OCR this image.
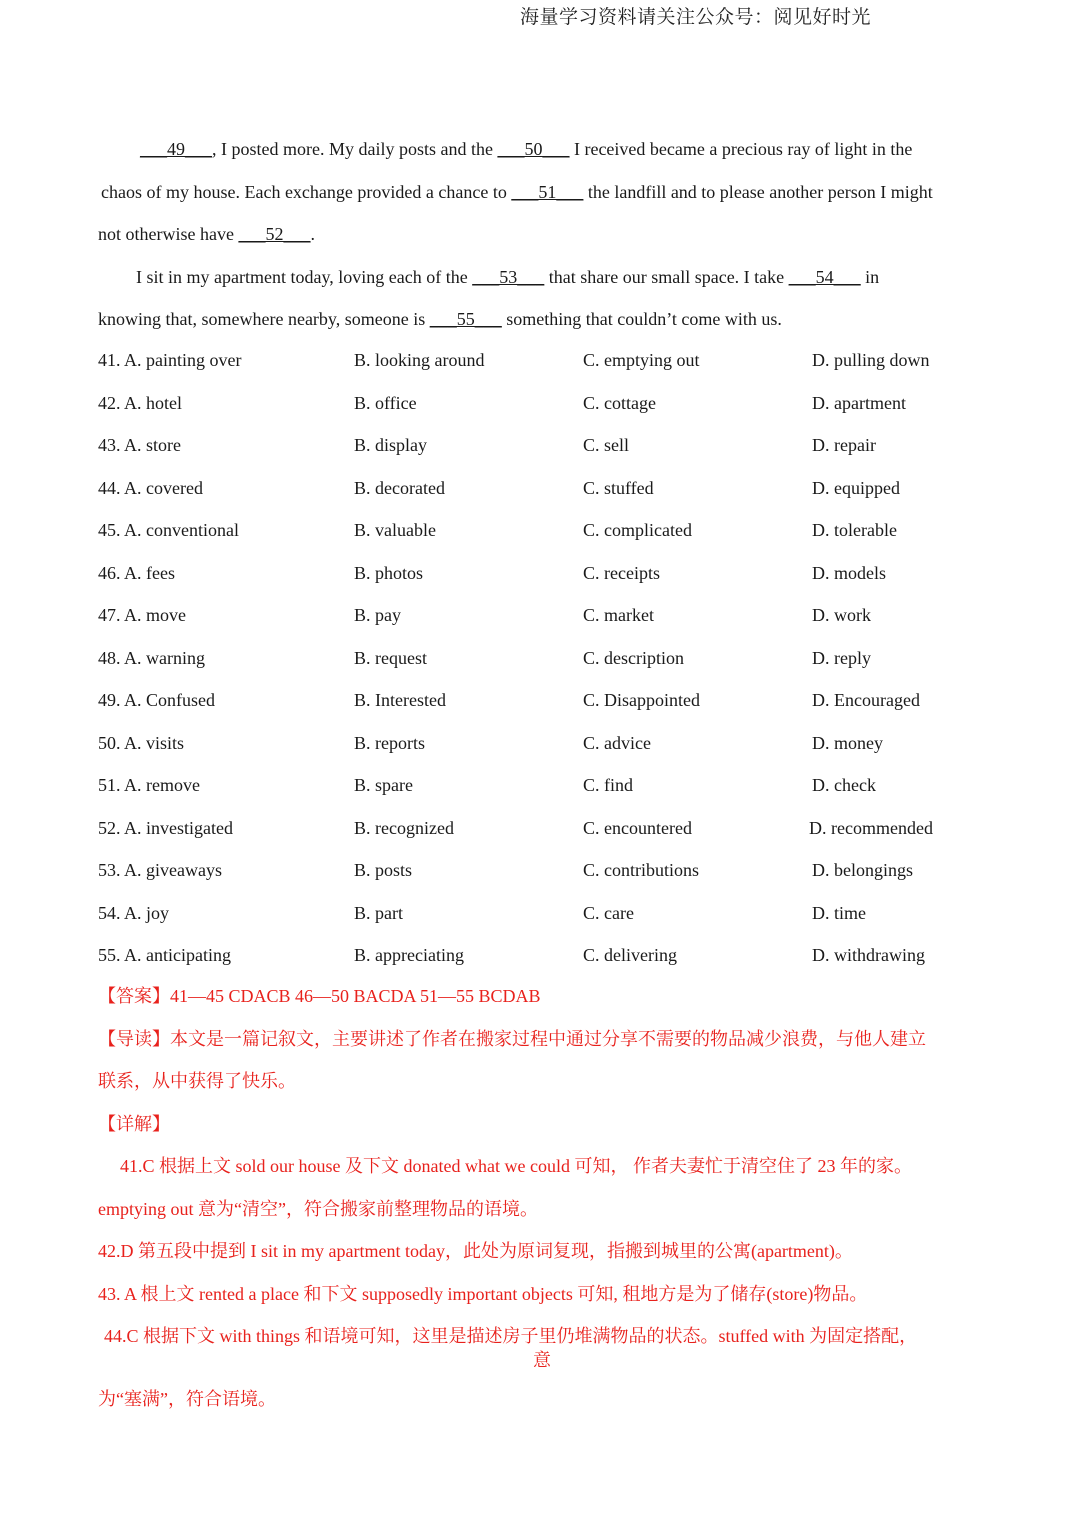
海量学习资料请关注公众号：阅见好时光
___49___, I posted more. My daily posts and the ___50___ I received became a precious ray of light in the
chaos of my house. Each exchange provided a chance to ___51___ the landfill and to please another person I might
not otherwise have ___52___.
I sit in my apartment today, loving each of the ___53___ that share our small space. I take ___54___ in
knowing that, somewhere nearby, someone is ___55___ something that couldn’t come with us.
41. A. painting over	B. looking around	C. emptying out	D. pulling down
42. A. hotel	B. office	C. cottage	D. apartment
43. A. store	B. display	C. sell	D. repair
44. A. covered	B. decorated	C. stuffed	D. equipped
45. A. conventional	B. valuable	C. complicated	D. tolerable
46. A. fees	B. photos	C. receipts	D. models
47. A. move	B. pay	C. market	D. work
48. A. warning	B. request	C. description	D. reply
49. A. Confused	B. Interested	C. Disappointed	D. Encouraged
50. A. visits	B. reports	C. advice	D. money
51. A. remove	B. spare	C. find	D. check
52. A. investigated	B. recognized	C. encountered	D. recommended
53. A. giveaways	B. posts	C. contributions	D. belongings
54. A. joy	B. part	C. care	D. time
55. A. anticipating	B. appreciating	C. delivering	D. withdrawing
【答案】41—45 CDACB 46—50 BACDA 51—55 BCDAB
【导读】本文是一篇记叙文，主要讲述了作者在搬家过程中通过分享不需要的物品减少浪费，与他人建立
联系，从中获得了快乐。
【详解】
41.C 根据上文 sold our house 及下文 donated what we could 可知， 作者夫妻忙于清空住了 23 年的家。
emptying out 意为“清空”，符合搬家前整理物品的语境。
42.D 第五段中提到 I sit in my apartment today，此处为原词复现，指搬到城里的公寓(apartment)。
43. A 根上文 rented a place 和下文 supposedly important objects 可知, 租地方是为了储存(store)物品。
44.C 根据下文 with things 和语境可知，这里是描述房子里仍堆满物品的状态。stuffed with 为固定搭配，
为“塞满”，符合语境。
意
